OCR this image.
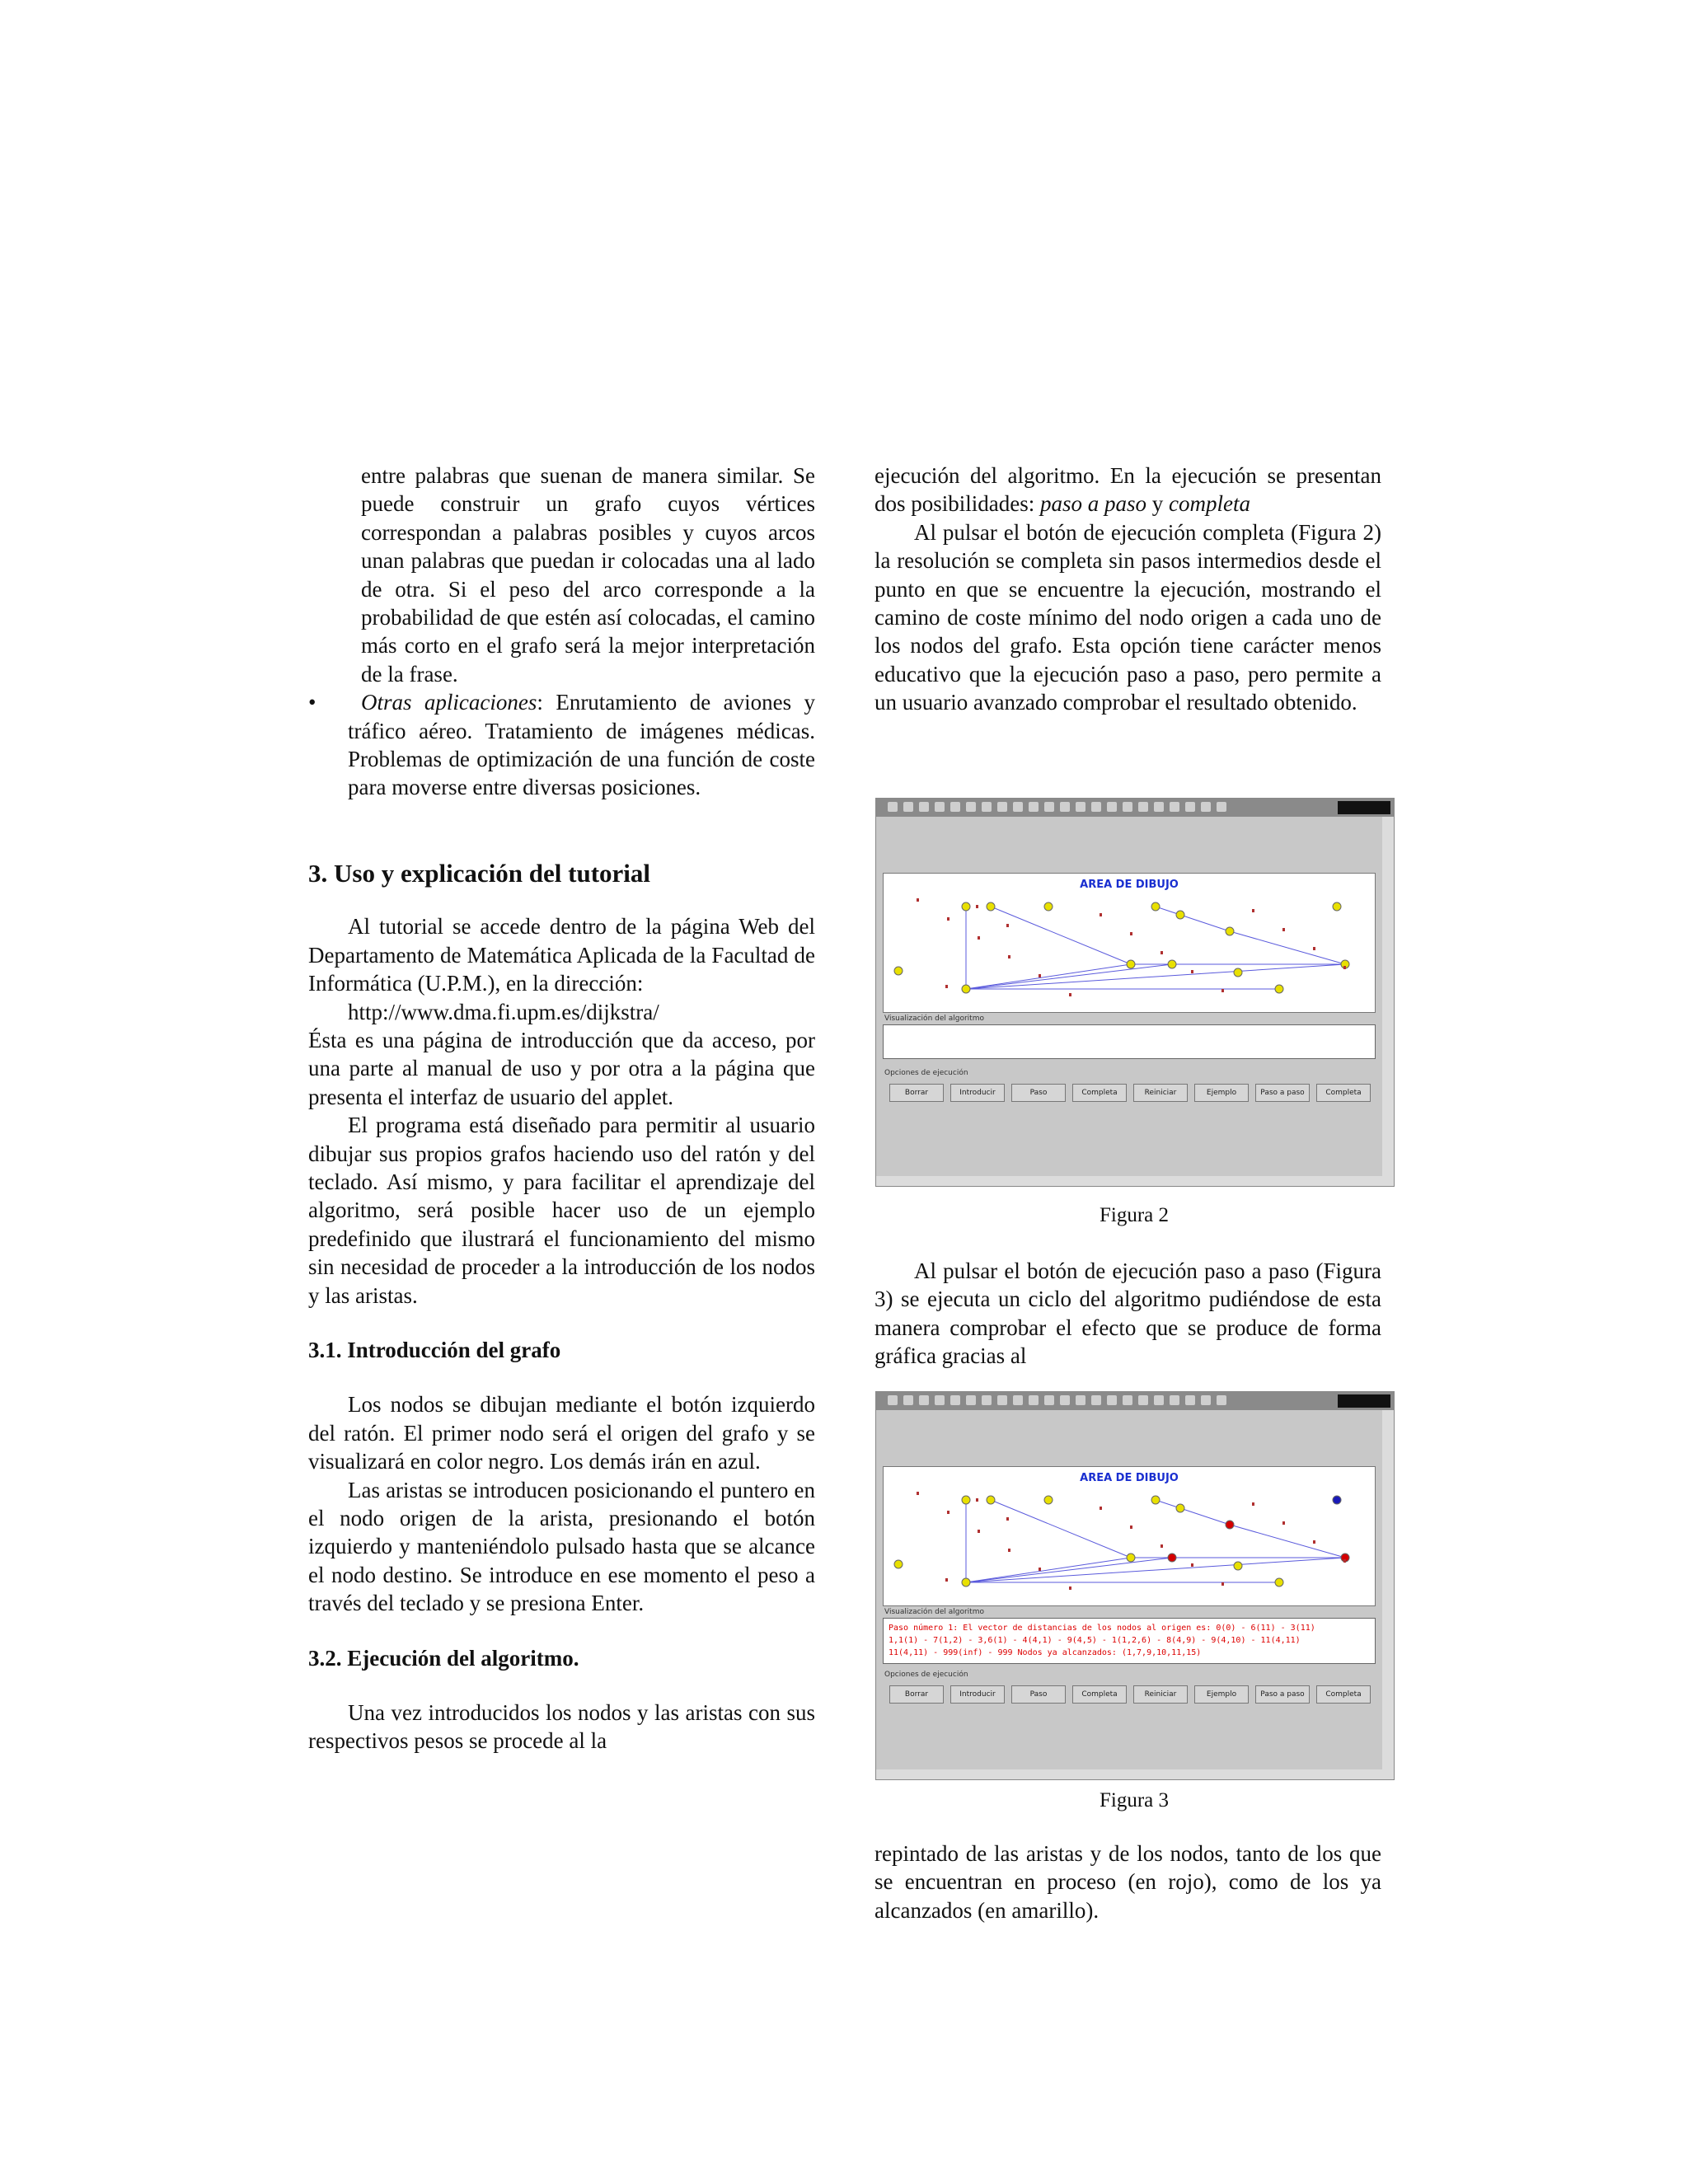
entre palabras que suenan de manera similar. Se puede construir un grafo cuyos vértices correspondan a palabras posibles y cuyos arcos unan palabras que puedan ir colocadas una al lado de otra. Si el peso del arco corresponde a la probabilidad de que estén así colocadas, el camino más corto en el grafo será la mejor interpretación de la frase.

• Otras aplicaciones: Enrutamiento de aviones y tráfico aéreo. Tratamiento de imágenes médicas. Problemas de optimización de una función de coste para moverse entre diversas posiciones.

3. Uso y explicación del tutorial

Al tutorial se accede dentro de la página Web del Departamento de Matemática Aplicada de la Facultad de Informática (U.P.M.), en la dirección:

http://www.dma.fi.upm.es/dijkstra/

Ésta es una página de introducción que da acceso, por una parte al manual de uso y por otra a la página que presenta el interfaz de usuario del applet.

El programa está diseñado para permitir al usuario dibujar sus propios grafos haciendo uso del ratón y del teclado. Así mismo, y para facilitar el aprendizaje del algoritmo, será posible hacer uso de un ejemplo predefinido que ilustrará el funcionamiento del mismo sin necesidad de proceder a la introducción de los nodos y las aristas.

3.1. Introducción del grafo

Los nodos se dibujan mediante el botón izquierdo del ratón. El primer nodo será el origen del grafo y se visualizará en color negro. Los demás irán en azul.

Las aristas se introducen posicionando el puntero en el nodo origen de la arista, presionando el botón izquierdo y manteniéndolo pulsado hasta que se alcance el nodo destino. Se introduce en ese momento el peso a través del teclado y se presiona Enter.

3.2. Ejecución del algoritmo.

Una vez introducidos los nodos y las aristas con sus respectivos pesos se procede al la

ejecución del algoritmo. En la ejecución se presentan dos posibilidades: paso a paso y completa

Al pulsar el botón de ejecución completa (Figura 2) la resolución se completa sin pasos intermedios desde el punto en que se encuentre la ejecución, mostrando el camino de coste mínimo del nodo origen a cada uno de los nodos del grafo. Esta opción tiene carácter menos educativo que la ejecución paso a paso, pero permite a un usuario avanzado comprobar el resultado obtenido.

AREA DE DIBUJO
Visualización del algoritmo
Opciones de ejecución
Borrar	Introducir	Paso	Completa	Reiniciar	Ejemplo	Paso a paso	Completa
Figura 2

Al pulsar el botón de ejecución paso a paso (Figura 3) se ejecuta un ciclo del algoritmo pudiéndose de esta manera comprobar el efecto que se produce de forma gráfica gracias al

AREA DE DIBUJO
Visualización del algoritmo
Paso número 1: El vector de distancias de los nodos al origen es: 0(0) - 6(11) - 3(11)
1,1(1) - 7(1,2) - 3,6(1) - 4(4,1) - 9(4,5) - 1(1,2,6) - 8(4,9) - 9(4,10) - 11(4,11)
11(4,11) - 999(inf) - 999 Nodos ya alcanzados: (1,7,9,10,11,15)
Opciones de ejecución
Borrar	Introducir	Paso	Completa	Reiniciar	Ejemplo	Paso a paso	Completa
Figura 3

repintado de las aristas y de los nodos, tanto de los que se encuentran en proceso (en rojo), como de los ya alcanzados (en amarillo).
